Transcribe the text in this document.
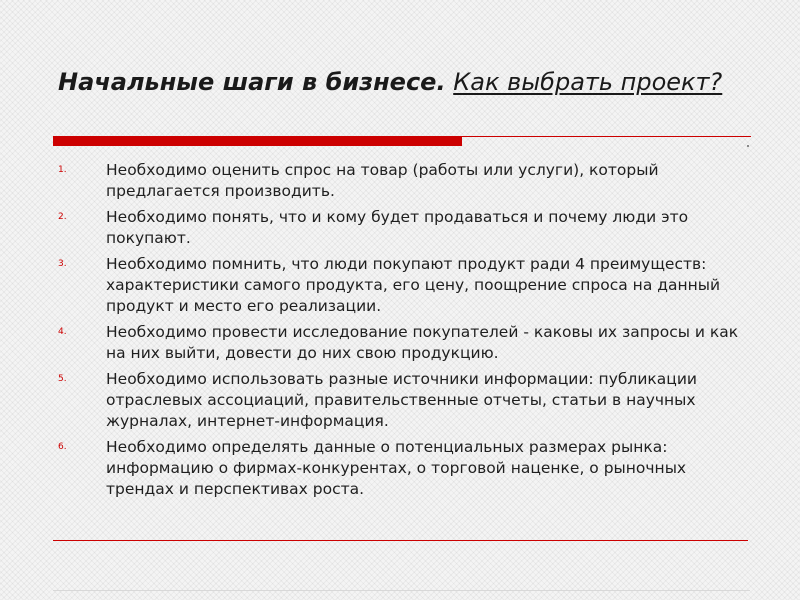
Начальные шаги в бизнесе. Как выбрать проект?
1.	Необходимо оценить спрос на товар (работы или услуги), который предлагается производить.
2.	Необходимо понять, что и кому будет продаваться и почему люди это покупают.
3.	Необходимо помнить, что люди покупают продукт ради 4 преимуществ: характеристики самого продукта, его цену, поощрение спроса на данный продукт и место его реализации.
4.	Необходимо провести исследование покупателей - каковы их запросы и как на них выйти, довести до них свою продукцию.
5.	Необходимо использовать разные источники информации: публикации отраслевых ассоциаций, правительственные отчеты, статьи в научных журналах, интернет-информация.
6.	Необходимо определять данные о потенциальных размерах рынка: информацию о фирмах-конкурентах, о торговой наценке, о рыночных трендах и перспективах роста.
